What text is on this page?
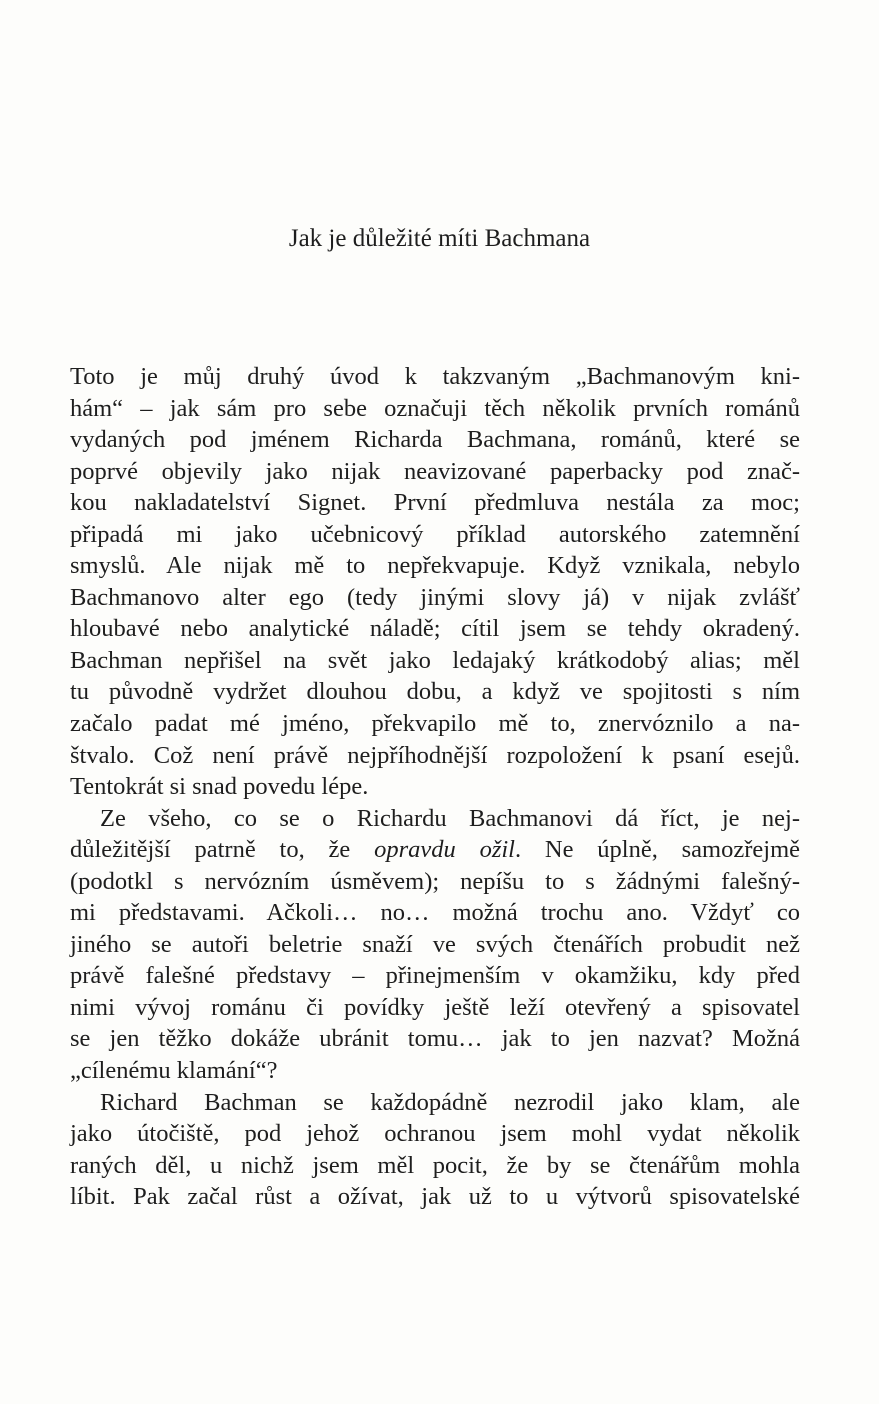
Jak je důležité míti Bachmana
Toto je můj druhý úvod k takzvaným „Bachmanovým kni-
hám“ – jak sám pro sebe označuji těch několik prvních románů
vydaných pod jménem Richarda Bachmana, románů, které se
poprvé objevily jako nijak neavizované paperbacky pod znač-
kou nakladatelství Signet. První předmluva nestála za moc;
připadá mi jako učebnicový příklad autorského zatemnění
smyslů. Ale nijak mě to nepřekvapuje. Když vznikala, nebylo
Bachmanovo alter ego (tedy jinými slovy já) v nijak zvlášť
hloubavé nebo analytické náladě; cítil jsem se tehdy okradený.
Bachman nepřišel na svět jako ledajaký krátkodobý alias; měl
tu původně vydržet dlouhou dobu, a když ve spojitosti s ním
začalo padat mé jméno, překvapilo mě to, znervóznilo a na-
štvalo. Což není právě nejpříhodnější rozpoložení k psaní esejů.
Tentokrát si snad povedu lépe.
Ze všeho, co se o Richardu Bachmanovi dá říct, je nej-
důležitější patrně to, že opravdu ožil. Ne úplně, samozřejmě
(podotkl s nervózním úsměvem); nepíšu to s žádnými falešný-
mi představami. Ačkoli… no… možná trochu ano. Vždyť co
jiného se autoři beletrie snaží ve svých čtenářích probudit než
právě falešné představy – přinejmenším v okamžiku, kdy před
nimi vývoj románu či povídky ještě leží otevřený a spisovatel
se jen těžko dokáže ubránit tomu… jak to jen nazvat? Možná
„cílenému klamání“?
Richard Bachman se každopádně nezrodil jako klam, ale
jako útočiště, pod jehož ochranou jsem mohl vydat několik
raných děl, u nichž jsem měl pocit, že by se čtenářům mohla
líbit. Pak začal růst a ožívat, jak už to u výtvorů spisovatelské
